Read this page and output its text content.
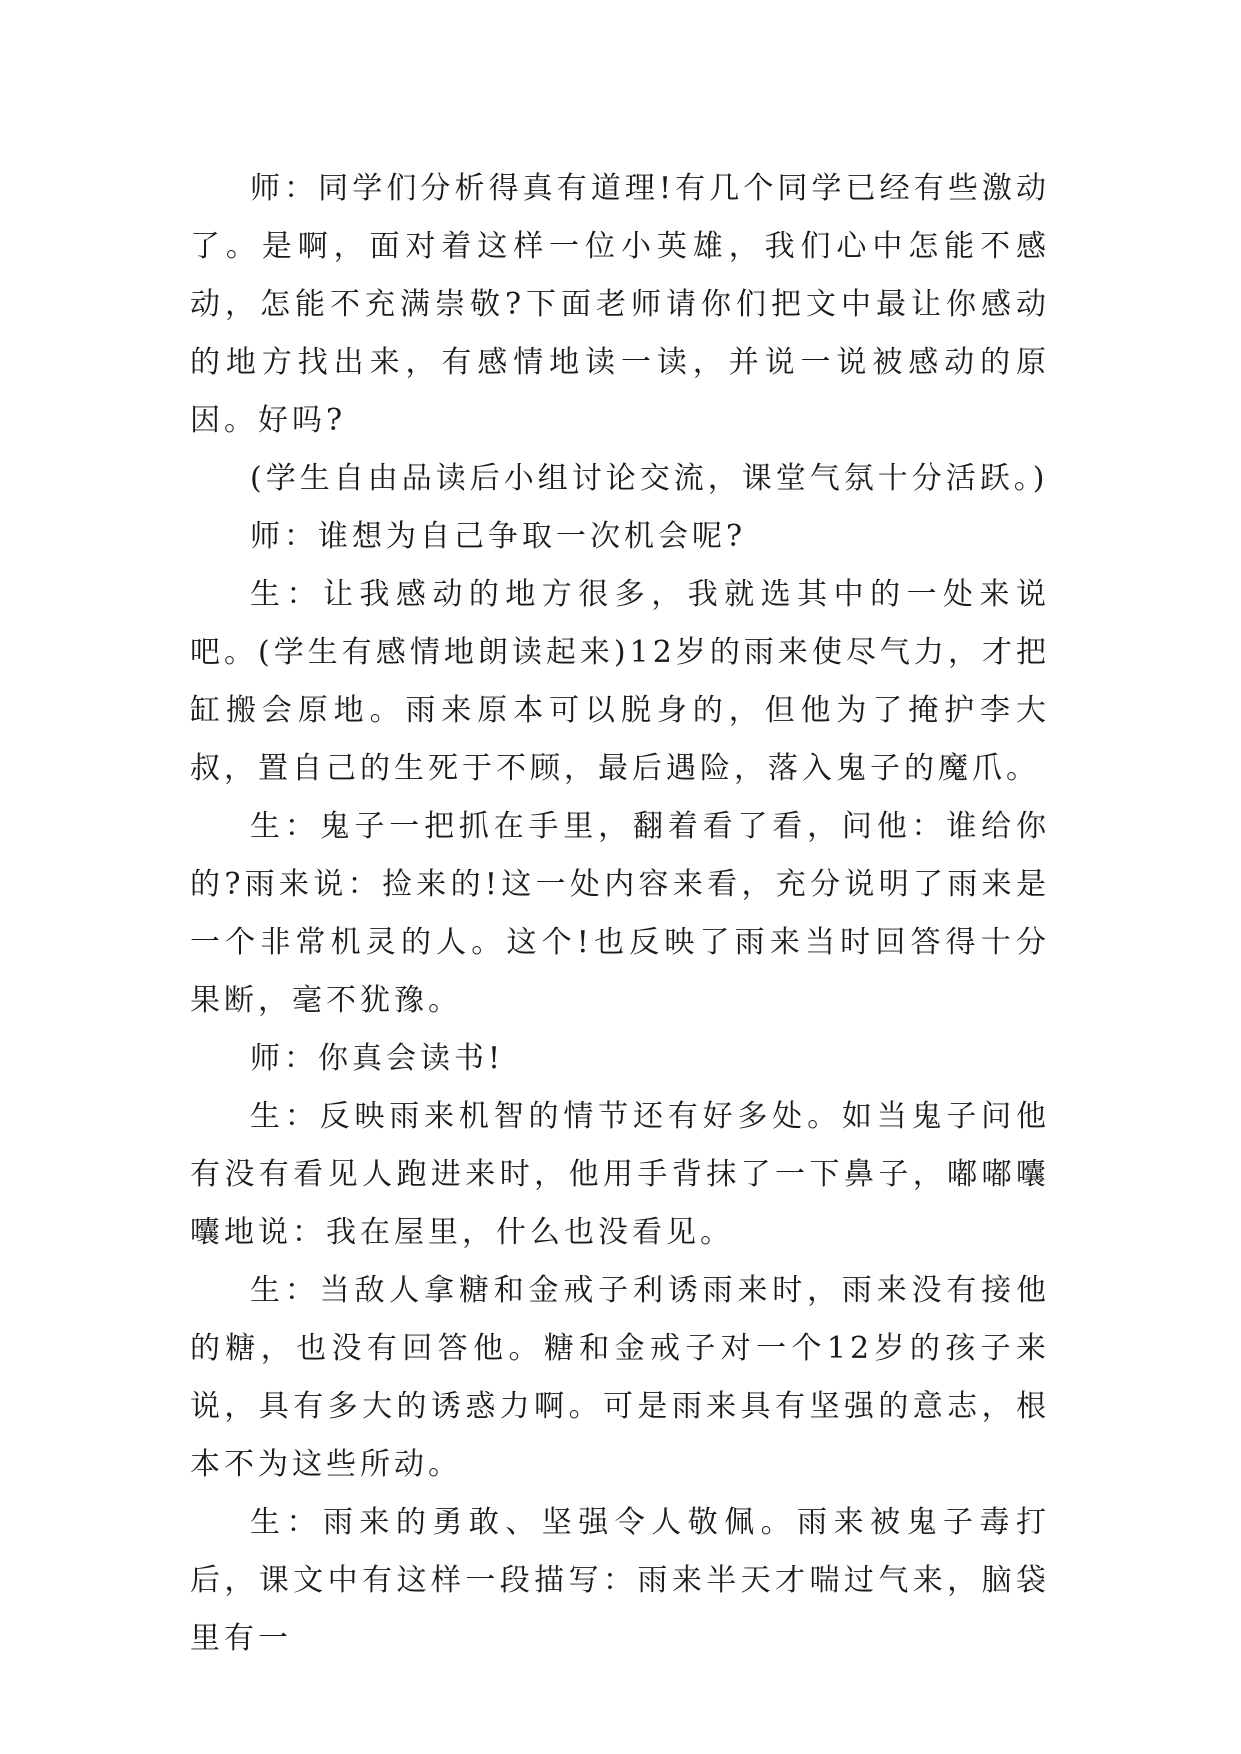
师：同学们分析得真有道理!有几个同学已经有些激动了。是啊，面对着这样一位小英雄，我们心中怎能不感动，怎能不充满崇敬?下面老师请你们把文中最让你感动的地方找出来，有感情地读一读，并说一说被感动的原因。好吗?

(学生自由品读后小组讨论交流，课堂气氛十分活跃。)

师：谁想为自己争取一次机会呢?

生：让我感动的地方很多，我就选其中的一处来说吧。(学生有感情地朗读起来)12岁的雨来使尽气力，才把缸搬会原地。雨来原本可以脱身的，但他为了掩护李大叔，置自己的生死于不顾，最后遇险，落入鬼子的魔爪。

生：鬼子一把抓在手里，翻着看了看，问他：谁给你的?雨来说：捡来的!这一处内容来看，充分说明了雨来是一个非常机灵的人。这个!也反映了雨来当时回答得十分果断，毫不犹豫。

师：你真会读书!

生：反映雨来机智的情节还有好多处。如当鬼子问他有没有看见人跑进来时，他用手背抹了一下鼻子，嘟嘟囔囔地说：我在屋里，什么也没看见。

生：当敌人拿糖和金戒子利诱雨来时，雨来没有接他的糖，也没有回答他。糖和金戒子对一个12岁的孩子来说，具有多大的诱惑力啊。可是雨来具有坚强的意志，根本不为这些所动。

生：雨来的勇敢、坚强令人敬佩。雨来被鬼子毒打后，课文中有这样一段描写：雨来半天才喘过气来，脑袋里有一
